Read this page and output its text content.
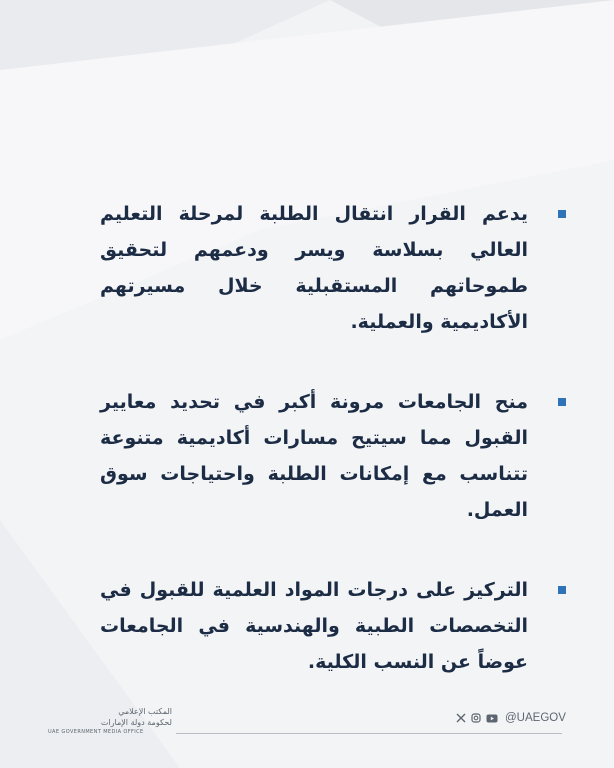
يدعم القرار انتقال الطلبة لمرحلة التعليم العالي بسلاسة ويسر ودعمهم لتحقيق طموحاتهم المستقبلية خلال مسيرتهم الأكاديمية والعملية.

منح الجامعات مرونة أكبر في تحديد معايير القبول مما سيتيح مسارات أكاديمية متنوعة تتناسب مع إمكانات الطلبة واحتياجات سوق العمل.

التركيز على درجات المواد العلمية للقبول في التخصصات الطبية والهندسية في الجامعات عوضاً عن النسب الكلية.

المكتب الإعلامي
لحكومة دولة الإمارات
UAE GOVERNMENT MEDIA OFFICE
@UAEGOV
